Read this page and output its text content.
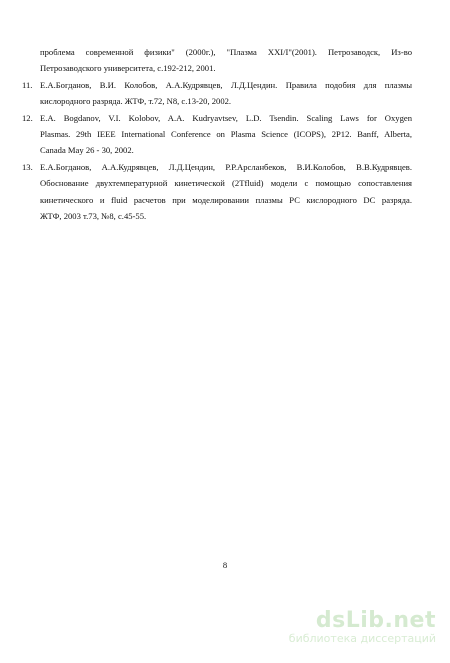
проблема современной физики" (2000г.), "Плазма XXI/I"(2001). Петрозаводск, Из-во
Петрозаводского университета, с.192-212, 2001.
11. Е.А.Богданов, В.И. Колобов, А.А.Кудрявцев, Л.Д.Цендин. Правила подобия для плазмы
кислородного разряда. ЖТФ, т.72, N8, с.13-20, 2002.
12. E.A. Bogdanov, V.I. Kolobov, A.A. Kudryavtsev, L.D. Tsendin. Scaling Laws for Oxygen
Plasmas. 29th IEEE International Conference on Plasma Science (ICOPS), 2P12. Banff, Alberta,
Canada May 26 - 30, 2002.
13. Е.А.Богданов, А.А.Кудрявцев, Л.Д.Цендин, Р.Р.Арсланбеков, В.И.Колобов, В.В.Кудрявцев.
Обоснование двухтемпературной кинетической (2Tfluid) модели с помощью сопоставления
кинетического и fluid расчетов при моделировании плазмы РС кислородного DC разряда.
ЖТФ, 2003 т.73, №8, с.45-55.
8
dsLib.net
библиотека диссертаций
